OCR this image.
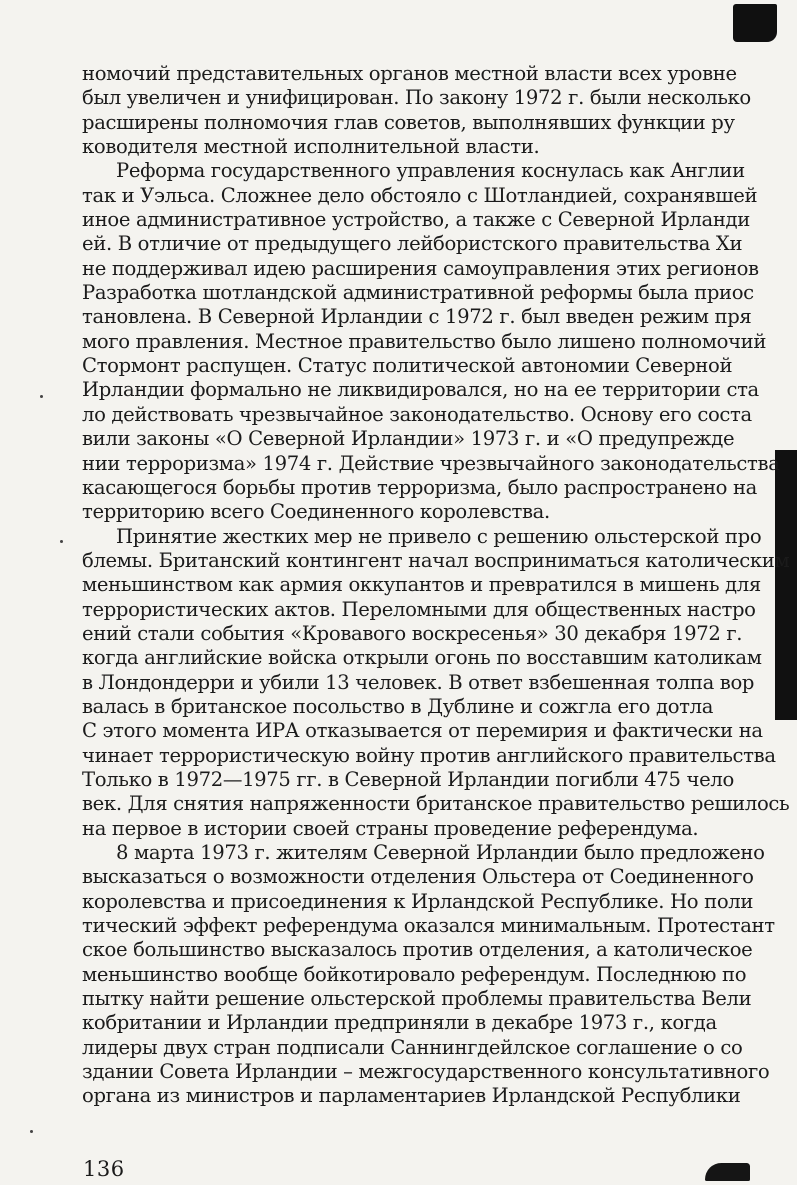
номочий представительных органов местной власти всех уровне
был увеличен и унифицирован. По закону 1972 г. были несколько
расширены полномочия глав советов, выполнявших функции ру
ководителя местной исполнительной власти.
Реформа государственного управления коснулась как Англии
так и Уэльса. Сложнее дело обстояло с Шотландией, сохранявшей
иное административное устройство, а также с Северной Ирланди
ей. В отличие от предыдущего лейбористского правительства Хи
не поддерживал идею расширения самоуправления этих регионов
Разработка шотландской административной реформы была приос
тановлена. В Северной Ирландии с 1972 г. был введен режим пря
мого правления. Местное правительство было лишено полномочий
Стормонт распущен. Статус политической автономии Северной
Ирландии формально не ликвидировался, но на ее территории ста
ло действовать чрезвычайное законодательство. Основу его соста
вили законы «О Северной Ирландии» 1973 г. и «О предупрежде
нии терроризма» 1974 г. Действие чрезвычайного законодательства
касающегося борьбы против терроризма, было распространено на
территорию всего Соединенного королевства.
Принятие жестких мер не привело с решению ольстерской про
блемы. Британский контингент начал восприниматься католическим
меньшинством как армия оккупантов и превратился в мишень для
террористических актов. Переломными для общественных настро
ений стали события «Кровавого воскресенья» 30 декабря 1972 г.
когда английские войска открыли огонь по восставшим католикам
в Лондондерри и убили 13 человек. В ответ взбешенная толпа вор
валась в британское посольство в Дублине и сожгла его дотла
С этого момента ИРА отказывается от перемирия и фактически на
чинает террористическую войну против английского правительства
Только в 1972—1975 гг. в Северной Ирландии погибли 475 чело
век. Для снятия напряженности британское правительство решилось
на первое в истории своей страны проведение референдума.
8 марта 1973 г. жителям Северной Ирландии было предложено
высказаться о возможности отделения Ольстера от Соединенного
королевства и присоединения к Ирландской Республике. Но поли
тический эффект референдума оказался минимальным. Протестант
ское большинство высказалось против отделения, а католическое
меньшинство вообще бойкотировало референдум. Последнюю по
пытку найти решение ольстерской проблемы правительства Вели
кобритании и Ирландии предприняли в декабре 1973 г., когда
лидеры двух стран подписали Саннингдейлское соглашение о со
здании Совета Ирландии – межгосударственного консультативного
органа из министров и парламентариев Ирландской Республики
136
